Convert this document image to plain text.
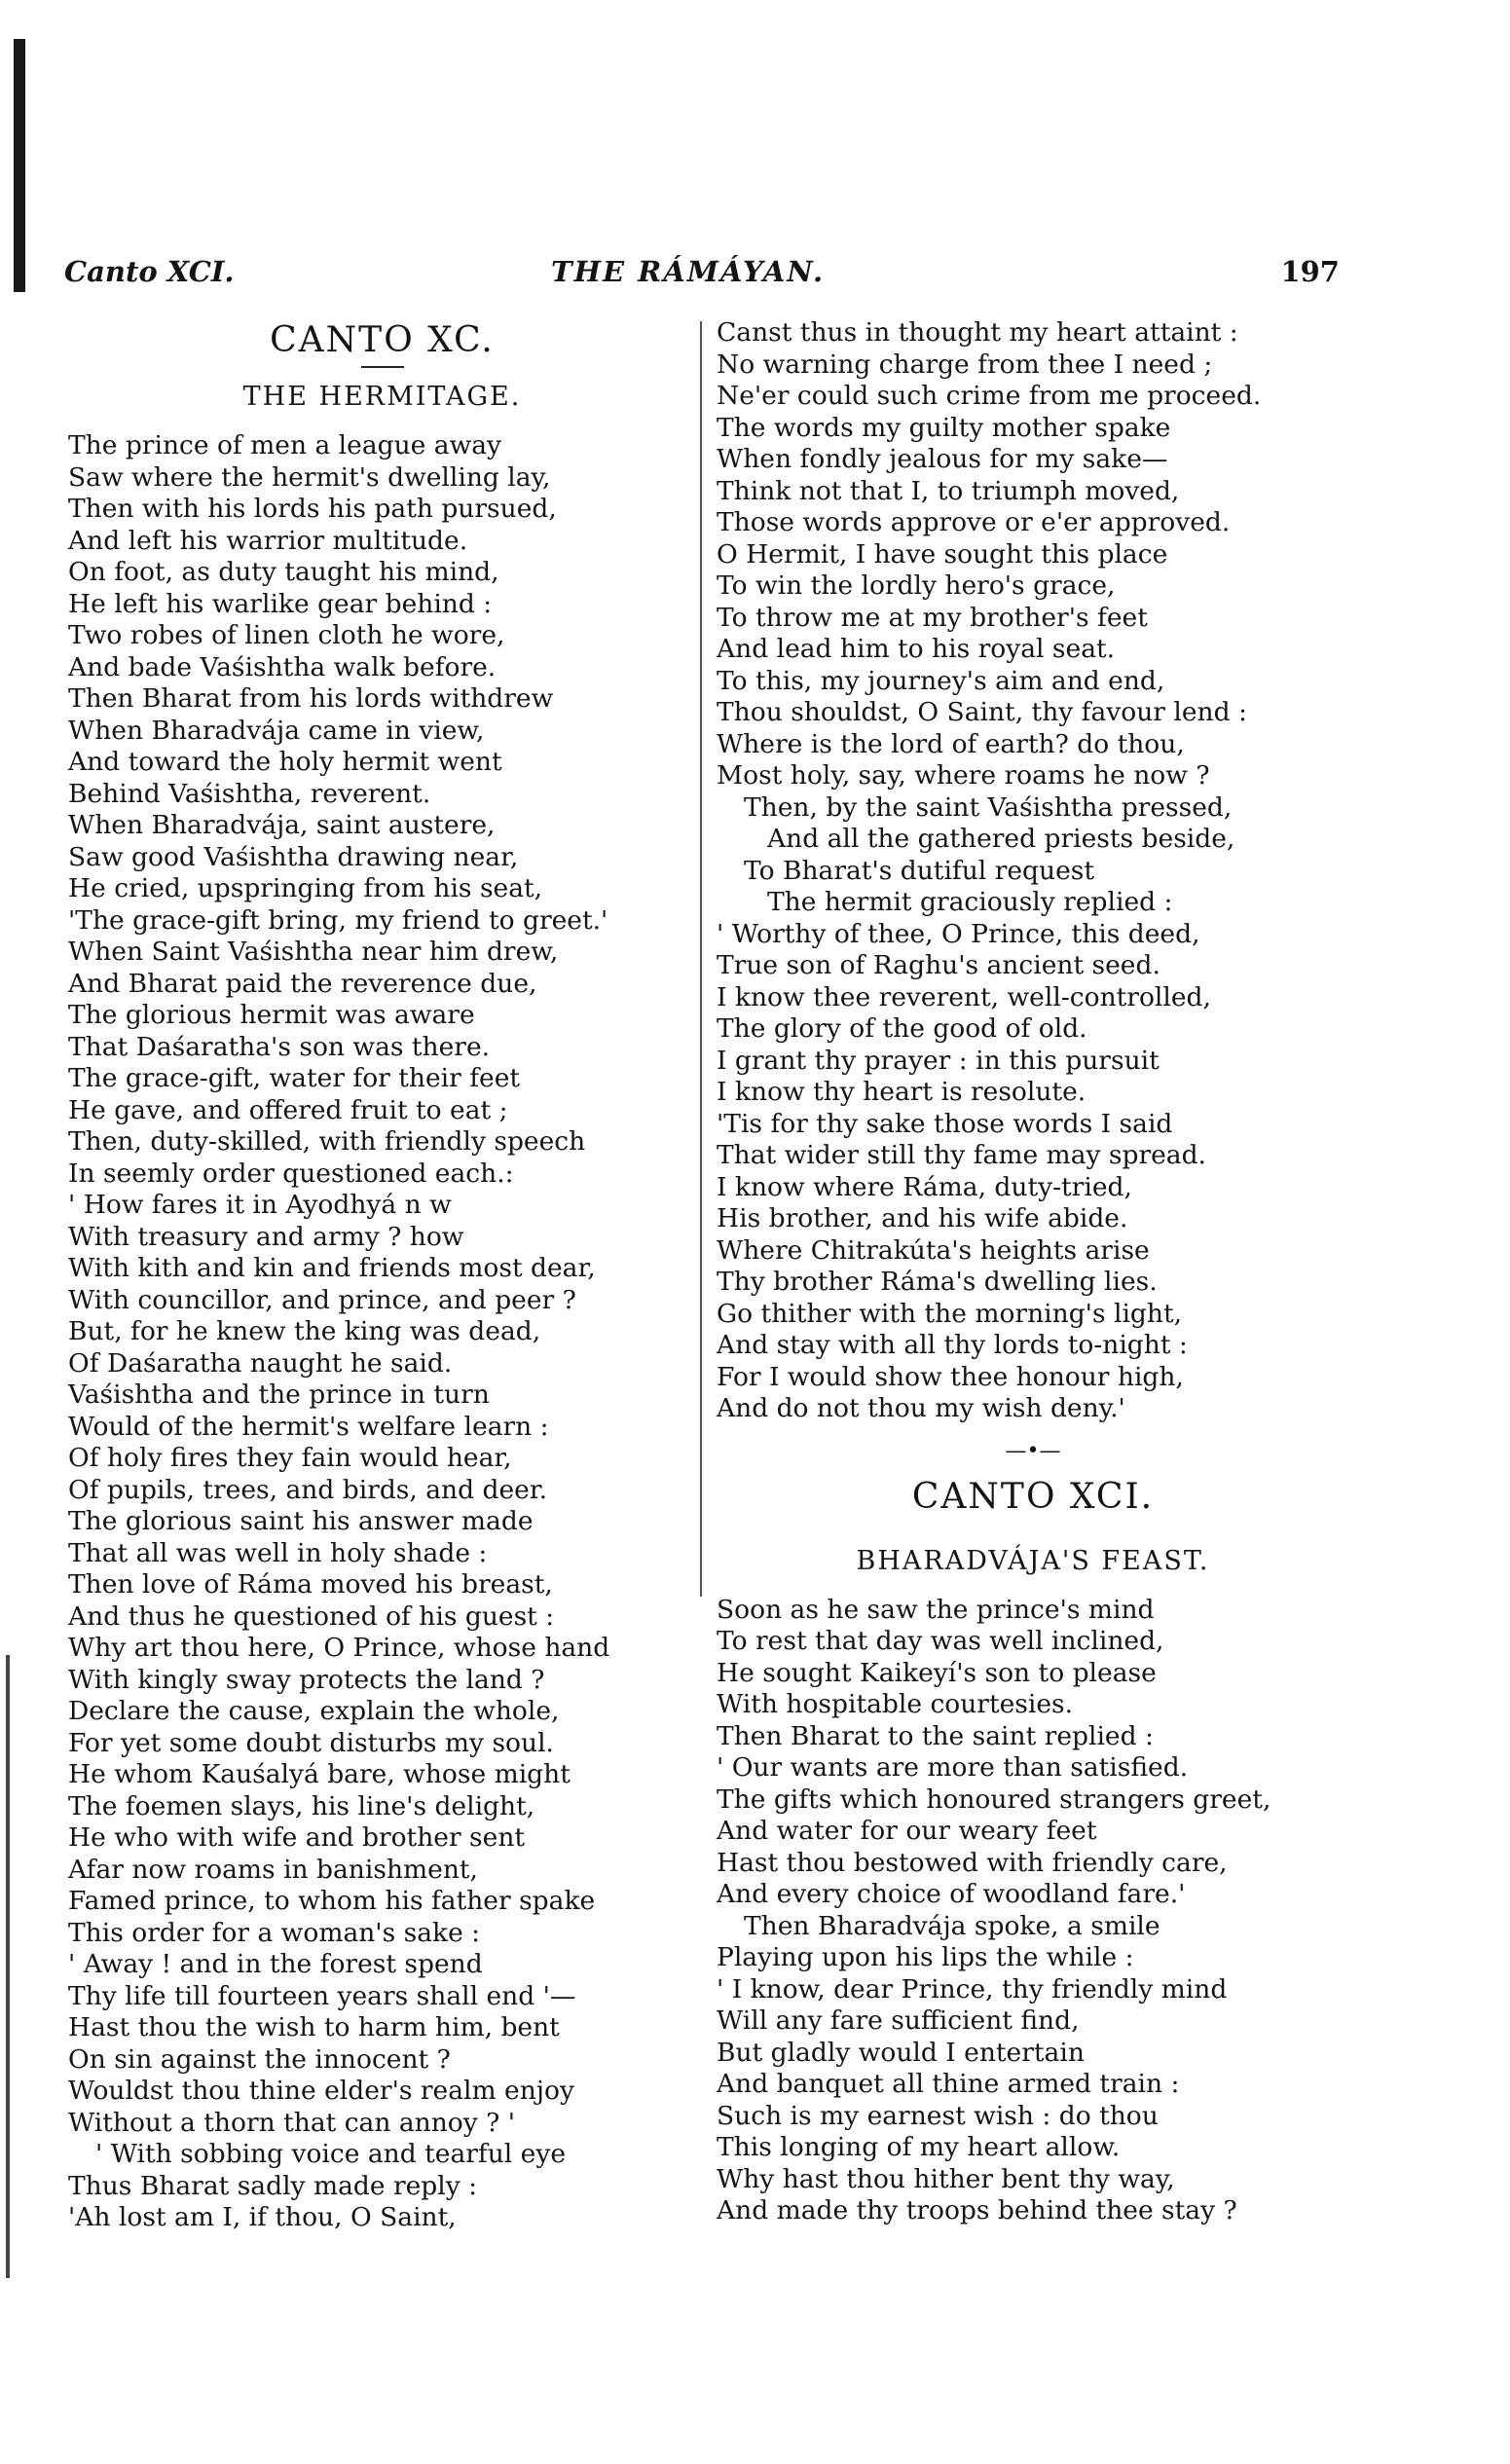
Canto XCI.	THE RÁMÁYAN.	197
CANTO XC.
THE HERMITAGE.
The prince of men a league away
Saw where the hermit's dwelling lay,
Then with his lords his path pursued,
And left his warrior multitude.
On foot, as duty taught his mind,
He left his warlike gear behind :
Two robes of linen cloth he wore,
And bade Vaśishtha walk before.
Then Bharat from his lords withdrew
When Bharadvája came in view,
And toward the holy hermit went
Behind Vaśishtha, reverent.
When Bharadvája, saint austere,
Saw good Vaśishtha drawing near,
He cried, upspringing from his seat,
'The grace-gift bring, my friend to greet.'
When Saint Vaśishtha near him drew,
And Bharat paid the reverence due,
The glorious hermit was aware
That Daśaratha's son was there.
The grace-gift, water for their feet
He gave, and offered fruit to eat ;
Then, duty-skilled, with friendly speech
In seemly order questioned each.:
' How fares it in Ayodhyá n w
With treasury and army ? how
With kith and kin and friends most dear,
With councillor, and prince, and peer ?
But, for he knew the king was dead,
Of Daśaratha naught he said.
Vaśishtha and the prince in turn
Would of the hermit's welfare learn :
Of holy fires they fain would hear,
Of pupils, trees, and birds, and deer.
The glorious saint his answer made
That all was well in holy shade :
Then love of Ráma moved his breast,
And thus he questioned of his guest :
Why art thou here, O Prince, whose hand
With kingly sway protects the land ?
Declare the cause, explain the whole,
For yet some doubt disturbs my soul.
He whom Kauśalyá bare, whose might
The foemen slays, his line's delight,
He who with wife and brother sent
Afar now roams in banishment,
Famed prince, to whom his father spake
This order for a woman's sake :
' Away ! and in the forest spend
Thy life till fourteen years shall end '—
Hast thou the wish to harm him, bent
On sin against the innocent ?
Wouldst thou thine elder's realm enjoy
Without a thorn that can annoy ? '
' With sobbing voice and tearful eye
Thus Bharat sadly made reply :
'Ah lost am I, if thou, O Saint,
Canst thus in thought my heart attaint :
No warning charge from thee I need ;
Ne'er could such crime from me proceed.
The words my guilty mother spake
When fondly jealous for my sake—
Think not that I, to triumph moved,
Those words approve or e'er approved.
O Hermit, I have sought this place
To win the lordly hero's grace,
To throw me at my brother's feet
And lead him to his royal seat.
To this, my journey's aim and end,
Thou shouldst, O Saint, thy favour lend :
Where is the lord of earth? do thou,
Most holy, say, where roams he now ?
Then, by the saint Vaśishtha pressed,
And all the gathered priests beside,
To Bharat's dutiful request
The hermit graciously replied :
' Worthy of thee, O Prince, this deed,
True son of Raghu's ancient seed.
I know thee reverent, well-controlled,
The glory of the good of old.
I grant thy prayer : in this pursuit
I know thy heart is resolute.
'Tis for thy sake those words I said
That wider still thy fame may spread.
I know where Ráma, duty-tried,
His brother, and his wife abide.
Where Chitrakúta's heights arise
Thy brother Ráma's dwelling lies.
Go thither with the morning's light,
And stay with all thy lords to-night :
For I would show thee honour high,
And do not thou my wish deny.'
—•—
CANTO XCI.
BHARADVÁJA'S FEAST.
Soon as he saw the prince's mind
To rest that day was well inclined,
He sought Kaikeyí's son to please
With hospitable courtesies.
Then Bharat to the saint replied :
' Our wants are more than satisfied.
The gifts which honoured strangers greet,
And water for our weary feet
Hast thou bestowed with friendly care,
And every choice of woodland fare.'
Then Bharadvája spoke, a smile
Playing upon his lips the while :
' I know, dear Prince, thy friendly mind
Will any fare sufficient find,
But gladly would I entertain
And banquet all thine armed train :
Such is my earnest wish : do thou
This longing of my heart allow.
Why hast thou hither bent thy way,
And made thy troops behind thee stay ?
